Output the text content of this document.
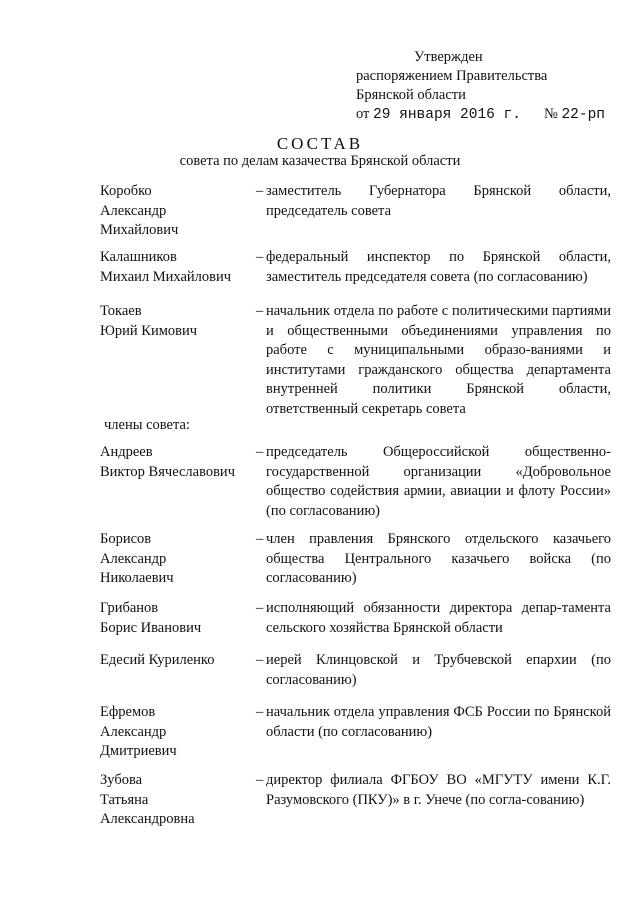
Утвержден
распоряжением Правительства
Брянской области
от 29 января 2016 г.	№ 22-рп
СОСТАВ
совета по делам казачества Брянской области
Коробко
Александр
Михайлович
– заместитель Губернатора Брянской области, председатель совета
Калашников
Михаил Михайлович
– федеральный инспектор по Брянской области, заместитель председателя совета (по согласованию)
Токаев
Юрий Кимович
– начальник отдела по работе с политическими партиями и общественными объединениями управления по работе с муниципальными образо-ваниями и институтами гражданского общества департамента внутренней политики Брянской области, ответственный секретарь совета
члены совета:
Андреев
Виктор Вячеславович
– председатель Общероссийской общественно-государственной организации «Добровольное общество содействия армии, авиации и флоту России» (по согласованию)
Борисов
Александр
Николаевич
– член правления Брянского отдельского казачьего общества Центрального казачьего войска (по согласованию)
Грибанов
Борис Иванович
– исполняющий обязанности директора депар-тамента сельского хозяйства Брянской области
Едесий Куриленко	– иерей Клинцовской и Трубчевской епархии (по согласованию)
Ефремов
Александр
Дмитриевич
– начальник отдела управления ФСБ России по Брянской области (по согласованию)
Зубова
Татьяна
Александровна
– директор филиала ФГБОУ ВО «МГУТУ имени К.Г. Разумовского (ПКУ)» в г. Унече (по согла-сованию)
